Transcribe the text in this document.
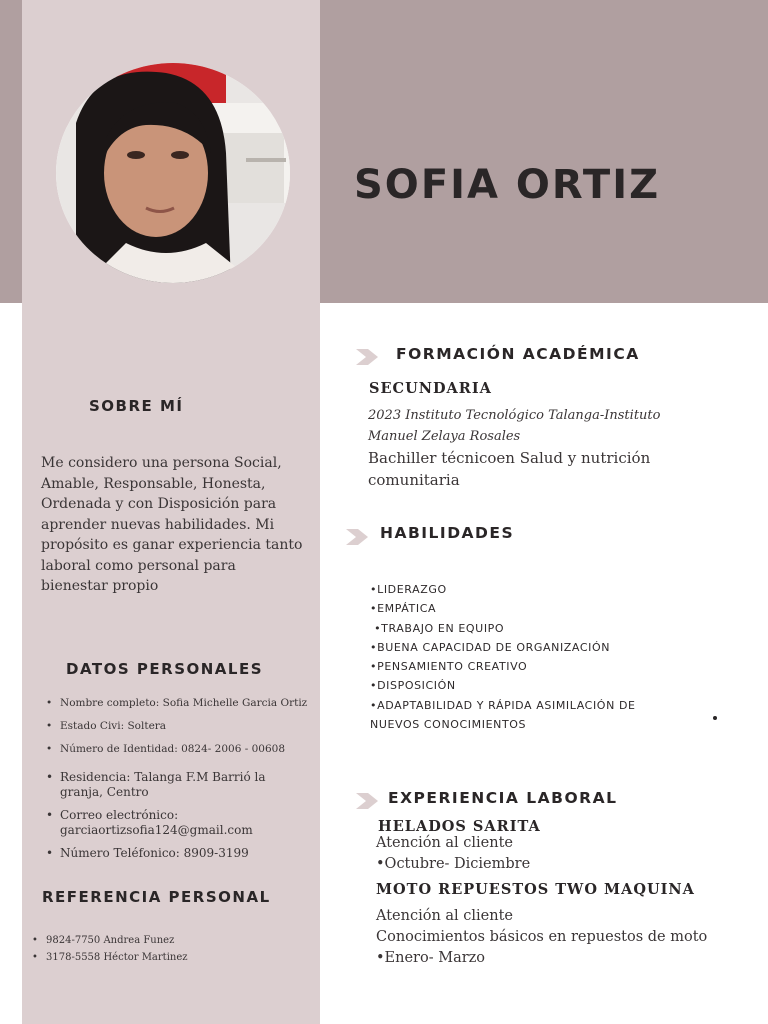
SOFIA ORTIZ
SOBRE MÍ
Me considero una persona Social, Amable, Responsable, Honesta, Ordenada y con Disposición para aprender nuevas habilidades. Mi propósito es ganar experiencia tanto laboral como personal para bienestar propio
DATOS PERSONALES
• Nombre completo: Sofia Michelle Garcia Ortiz
• Estado Civi: Soltera
• Número de Identidad: 0824- 2006 - 00608
• Residencia: Talanga F.M Barrió la granja, Centro
• Correo electrónico: garciaortizsofia124@gmail.com
• Número Teléfonico: 8909-3199
REFERENCIA PERSONAL
• 9824-7750 Andrea Funez
• 3178-5558 Héctor Martinez
FORMACIÓN ACADÉMICA
SECUNDARIA
2023 Instituto Tecnológico Talanga-Instituto Manuel Zelaya Rosales
Bachiller técnicoen Salud y nutrición comunitaria
HABILIDADES
•LIDERAZGO
•EMPÁTICA
•TRABAJO EN EQUIPO
•BUENA CAPACIDAD DE ORGANIZACIÓN
•PENSAMIENTO CREATIVO
•DISPOSICIÓN
•ADAPTABILIDAD Y RÁPIDA ASIMILACIÓN DE
NUEVOS CONOCIMIENTOS
EXPERIENCIA LABORAL
HELADOS SARITA
Atención al cliente
•Octubre- Diciembre
MOTO REPUESTOS TWO MAQUINA
Atención al cliente
Conocimientos básicos en repuestos de moto
•Enero- Marzo
